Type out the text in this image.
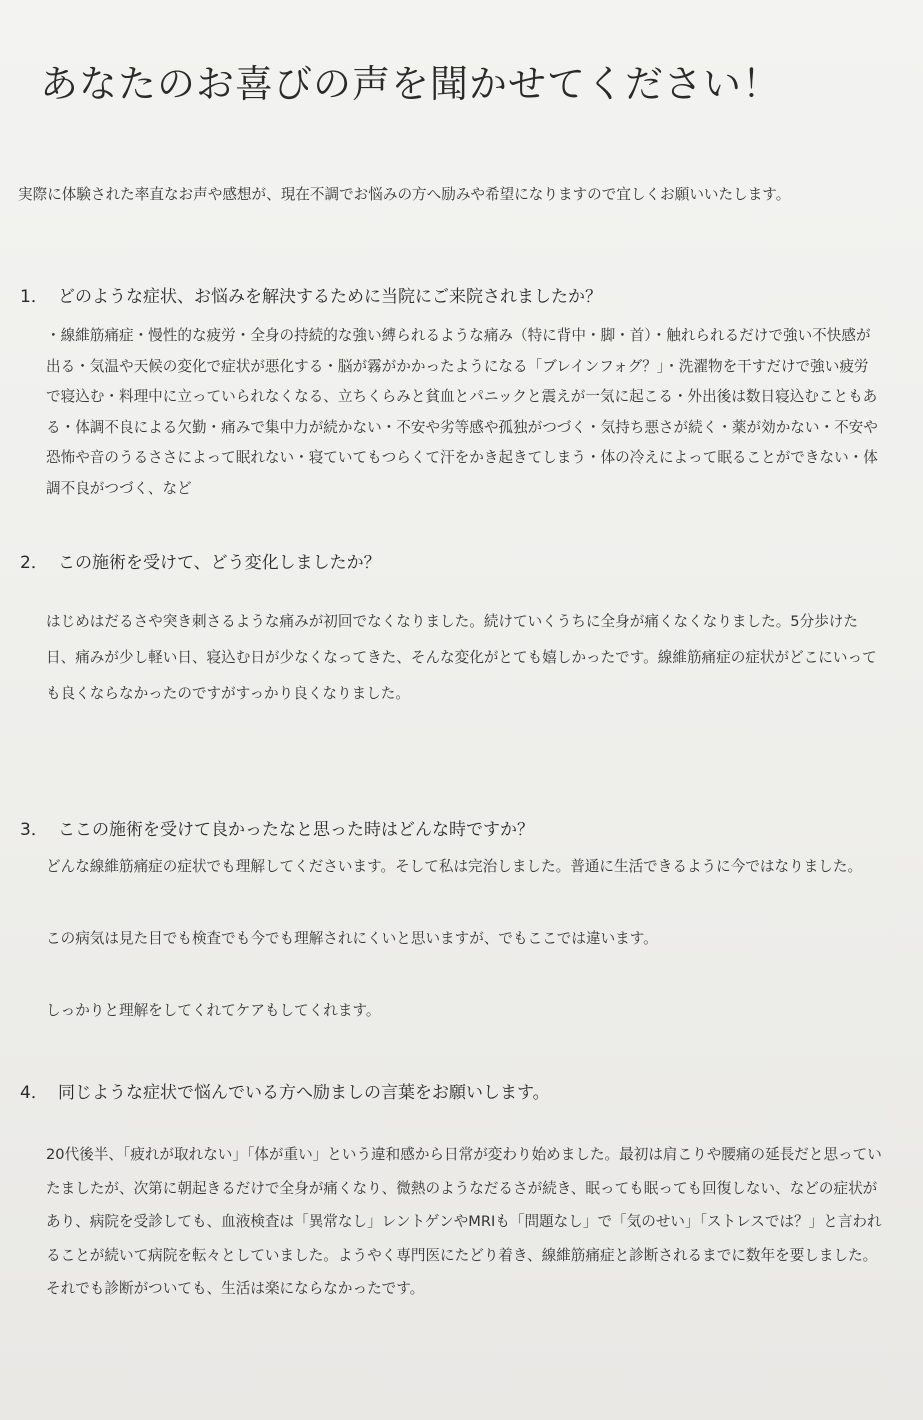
あなたのお喜びの声を聞かせてください！
実際に体験された率直なお声や感想が、現在不調でお悩みの方へ励みや希望になりますので宜しくお願いいたします。
1． どのような症状、お悩みを解決するために当院にご来院されましたか？

・線維筋痛症・慢性的な疲労・全身の持続的な強い縛られるような痛み（特に背中・脚・首）・触れられるだけで強い不快感が出る・気温や天候の変化で症状が悪化する・脳が霧がかかったようになる「ブレインフォグ？」・洗濯物を干すだけで強い疲労で寝込む・料理中に立っていられなくなる、立ちくらみと貧血とパニックと震えが一気に起こる・外出後は数日寝込むこともある・体調不良による欠勤・痛みで集中力が続かない・不安や劣等感や孤独がつづく・気持ち悪さが続く・薬が効かない・不安や恐怖や音のうるささによって眠れない・寝ていてもつらくて汗をかき起きてしまう・体の冷えによって眠ることができない・体調不良がつづく、など

2． この施術を受けて、どう変化しましたか？

はじめはだるさや突き刺さるような痛みが初回でなくなりました。続けていくうちに全身が痛くなくなりました。5分歩けた日、痛みが少し軽い日、寝込む日が少なくなってきた、そんな変化がとても嬉しかったです。線維筋痛症の症状がどこにいっても良くならなかったのですがすっかり良くなりました。

3． ここの施術を受けて良かったなと思った時はどんな時ですか？

どんな線維筋痛症の症状でも理解してくださいます。そして私は完治しました。普通に生活できるように今ではなりました。

この病気は見た目でも検査でも今でも理解されにくいと思いますが、でもここでは違います。

しっかりと理解をしてくれてケアもしてくれます。

4． 同じような症状で悩んでいる方へ励ましの言葉をお願いします。

20代後半、「疲れが取れない」「体が重い」という違和感から日常が変わり始めました。最初は肩こりや腰痛の延長だと思っていたましたが、次第に朝起きるだけで全身が痛くなり、微熱のようなだるさが続き、眠っても眠っても回復しない、などの症状があり、病院を受診しても、血液検査は「異常なし」レントゲンやMRIも「問題なし」で「気のせい」「ストレスでは？」と言われることが続いて病院を転々としていました。ようやく専門医にたどり着き、線維筋痛症と診断されるまでに数年を要しました。それでも診断がついても、生活は楽にならなかったです。
